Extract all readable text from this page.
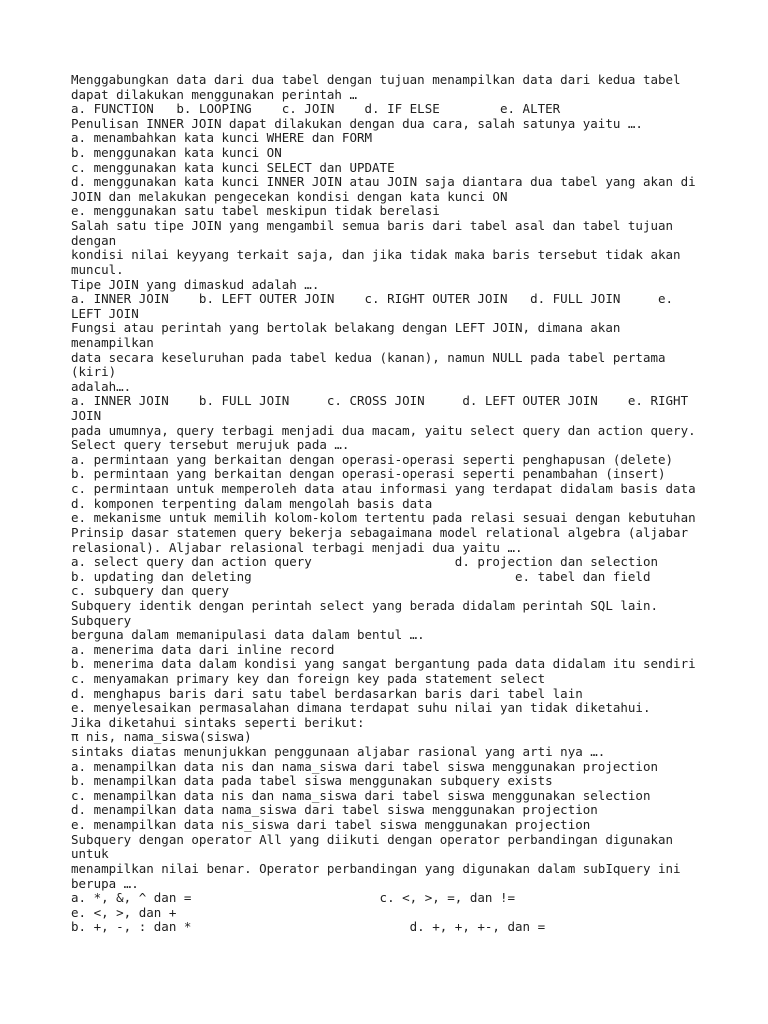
Menggabungkan data dari dua tabel dengan tujuan menampilkan data dari kedua tabel
dapat dilakukan menggunakan perintah …
a. FUNCTION   b. LOOPING    c. JOIN    d. IF ELSE        e. ALTER
Penulisan INNER JOIN dapat dilakukan dengan dua cara, salah satunya yaitu ….
a. menambahkan kata kunci WHERE dan FORM
b. menggunakan kata kunci ON
c. menggunakan kata kunci SELECT dan UPDATE
d. menggunakan kata kunci INNER JOIN atau JOIN saja diantara dua tabel yang akan di
JOIN dan melakukan pengecekan kondisi dengan kata kunci ON
e. menggunakan satu tabel meskipun tidak berelasi
Salah satu tipe JOIN yang mengambil semua baris dari tabel asal dan tabel tujuan
dengan
kondisi nilai keyyang terkait saja, dan jika tidak maka baris tersebut tidak akan
muncul.
Tipe JOIN yang dimaskud adalah ….
a. INNER JOIN    b. LEFT OUTER JOIN    c. RIGHT OUTER JOIN   d. FULL JOIN     e.
LEFT JOIN
Fungsi atau perintah yang bertolak belakang dengan LEFT JOIN, dimana akan
menampilkan
data secara keseluruhan pada tabel kedua (kanan), namun NULL pada tabel pertama
(kiri)
adalah….
a. INNER JOIN    b. FULL JOIN     c. CROSS JOIN     d. LEFT OUTER JOIN    e. RIGHT
JOIN
pada umumnya, query terbagi menjadi dua macam, yaitu select query dan action query.
Select query tersebut merujuk pada ….
a. permintaan yang berkaitan dengan operasi-operasi seperti penghapusan (delete)
b. permintaan yang berkaitan dengan operasi-operasi seperti penambahan (insert)
c. permintaan untuk memperoleh data atau informasi yang terdapat didalam basis data
d. komponen terpenting dalam mengolah basis data
e. mekanisme untuk memilih kolom-kolom tertentu pada relasi sesuai dengan kebutuhan
Prinsip dasar statemen query bekerja sebagaimana model relational algebra (aljabar
relasional). Aljabar relasional terbagi menjadi dua yaitu ….
a. select query dan action query                   d. projection dan selection
b. updating dan deleting                                   e. tabel dan field
c. subquery dan query
Subquery identik dengan perintah select yang berada didalam perintah SQL lain.
Subquery
berguna dalam memanipulasi data dalam bentul ….
a. menerima data dari inline record
b. menerima data dalam kondisi yang sangat bergantung pada data didalam itu sendiri
c. menyamakan primary key dan foreign key pada statement select
d. menghapus baris dari satu tabel berdasarkan baris dari tabel lain
e. menyelesaikan permasalahan dimana terdapat suhu nilai yan tidak diketahui.
Jika diketahui sintaks seperti berikut:
π nis, nama_siswa(siswa)
sintaks diatas menunjukkan penggunaan aljabar rasional yang arti nya ….
a. menampilkan data nis dan nama_siswa dari tabel siswa menggunakan projection
b. menampilkan data pada tabel siswa menggunakan subquery exists
c. menampilkan data nis dan nama_siswa dari tabel siswa menggunakan selection
d. menampilkan data nama_siswa dari tabel siswa menggunakan projection
e. menampilkan data nis_siswa dari tabel siswa menggunakan projection
Subquery dengan operator All yang diikuti dengan operator perbandingan digunakan
untuk
menampilkan nilai benar. Operator perbandingan yang digunakan dalam subIquery ini
berupa ….
a. *, &, ^ dan =                         c. <, >, =, dan !=
e. <, >, dan +
b. +, -, : dan *                             d. +, +, +-, dan =
